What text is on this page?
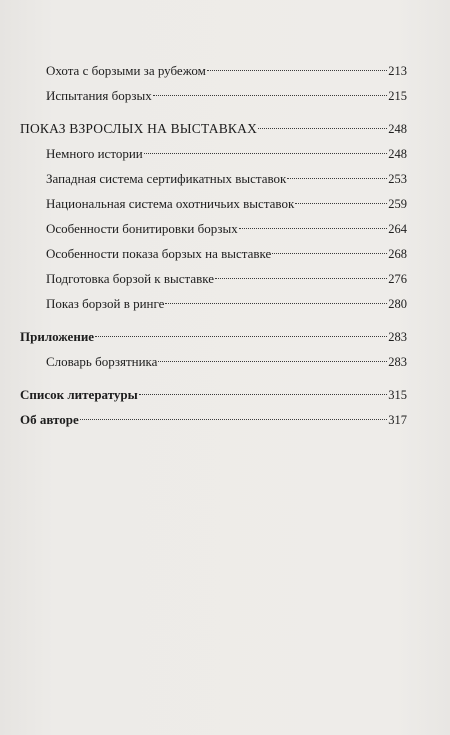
Охота с борзыми за рубежом	213
Испытания борзых	215
ПОКАЗ ВЗРОСЛЫХ НА ВЫСТАВКАХ	248
Немного истории	248
Западная система сертификатных выставок	253
Национальная система охотничьих выставок	259
Особенности бонитировки борзых	264
Особенности показа борзых на выставке	268
Подготовка борзой к выставке	276
Показ борзой в ринге	280
Приложение	283
Словарь борзятника	283
Список литературы	315
Об авторе	317
